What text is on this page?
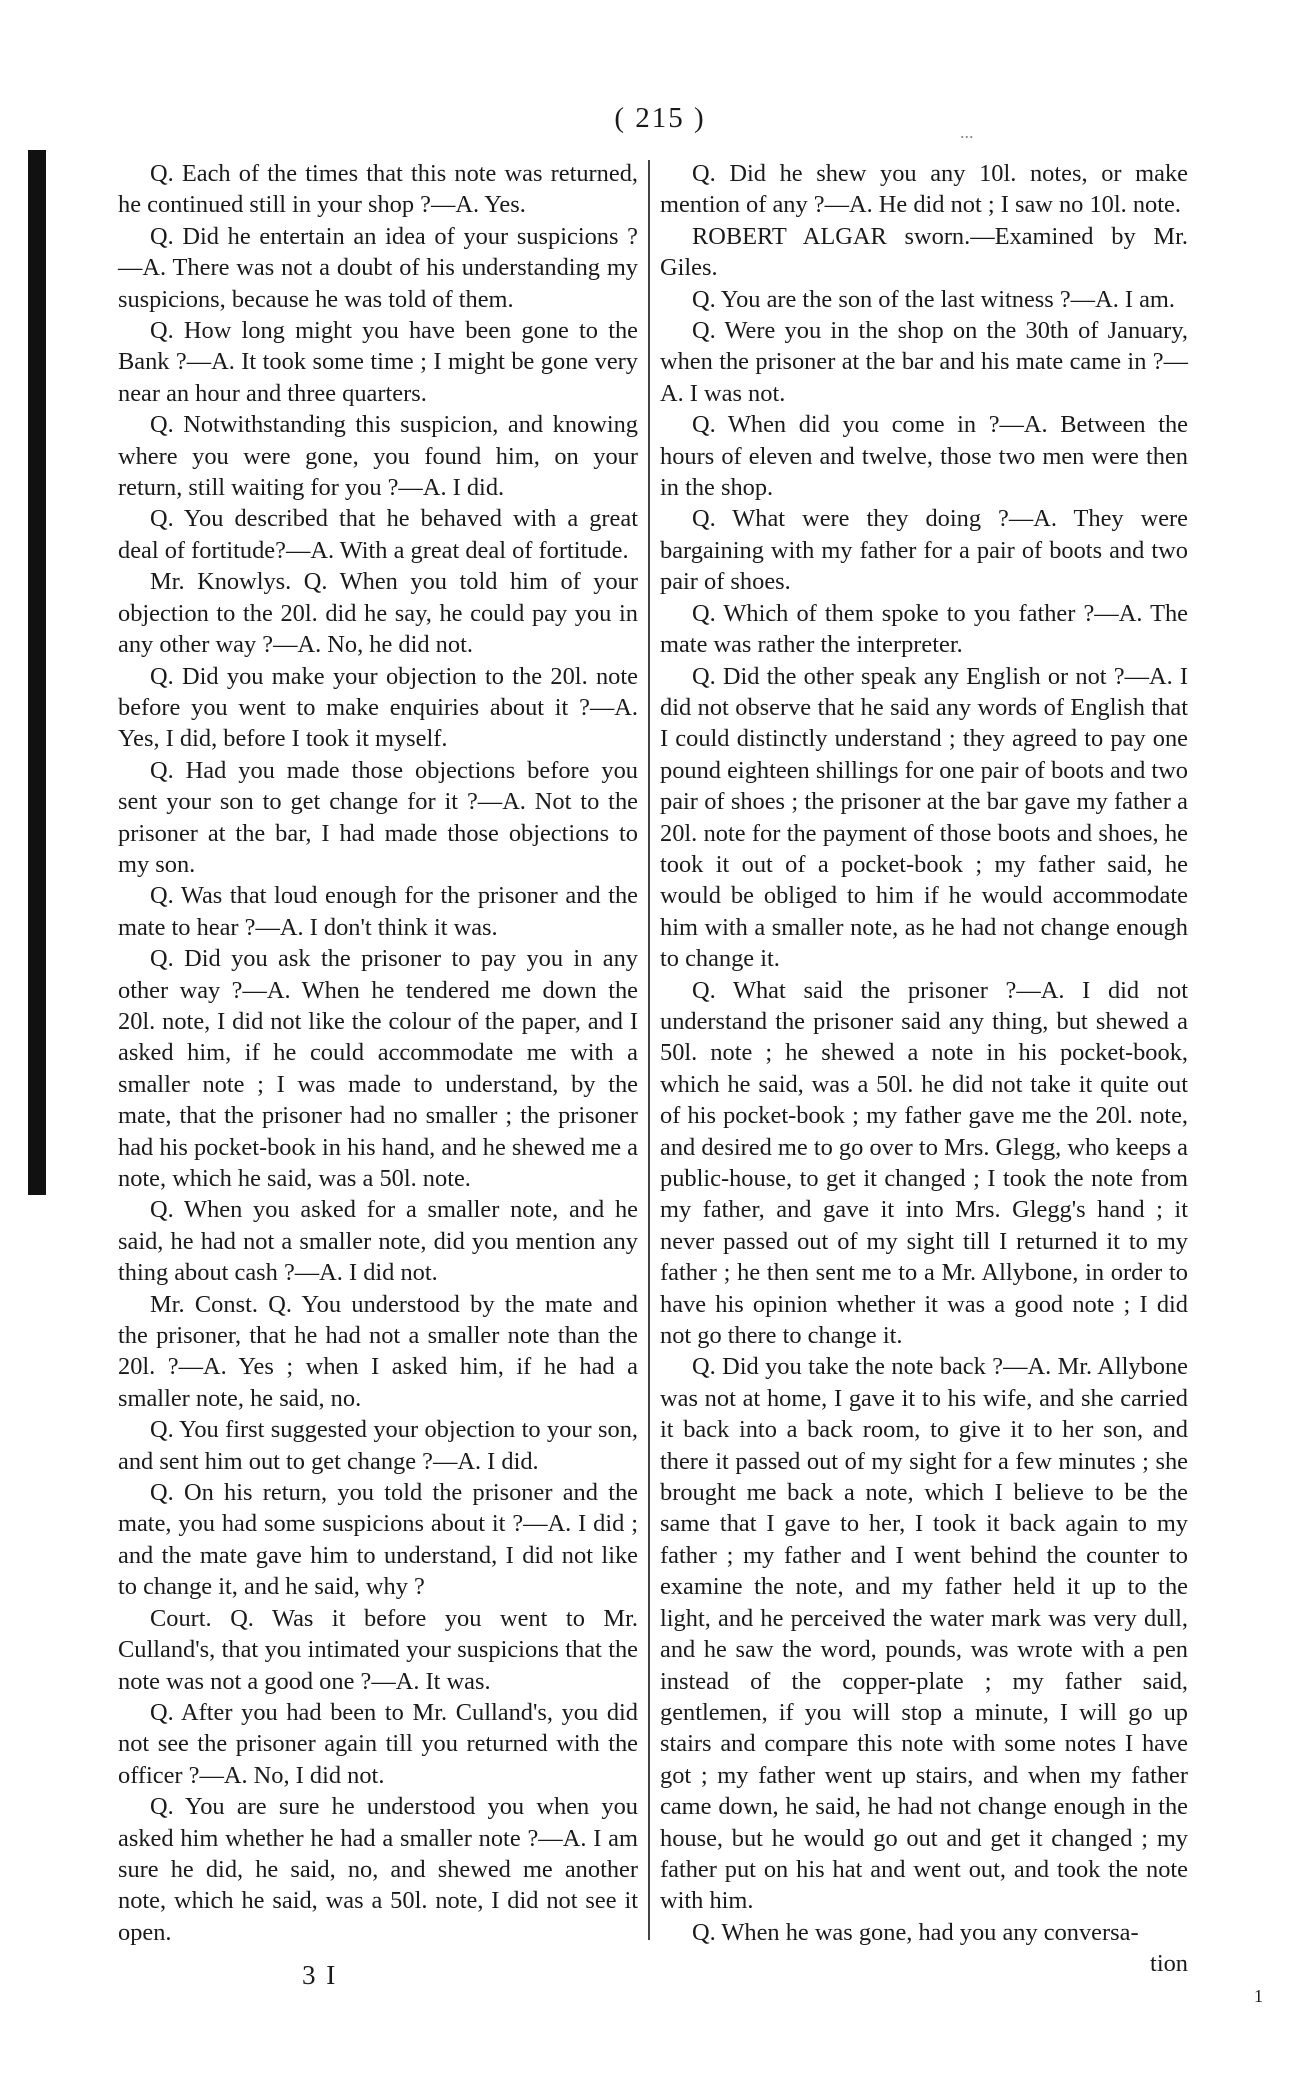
( 215 )	...

Q. Each of the times that this note was returned, he continued still in your shop ?—A. Yes.

Q. Did he entertain an idea of your suspicions ? —A. There was not a doubt of his understanding my suspicions, because he was told of them.

Q. How long might you have been gone to the Bank ?—A. It took some time ; I might be gone very near an hour and three quarters.

Q. Notwithstanding this suspicion, and knowing where you were gone, you found him, on your return, still waiting for you ?—A. I did.

Q. You described that he behaved with a great deal of fortitude?—A. With a great deal of fortitude.

Mr. Knowlys. Q. When you told him of your objection to the 20l. did he say, he could pay you in any other way ?—A. No, he did not.

Q. Did you make your objection to the 20l. note before you went to make enquiries about it ?—A. Yes, I did, before I took it myself.

Q. Had you made those objections before you sent your son to get change for it ?—A. Not to the prisoner at the bar, I had made those objections to my son.

Q. Was that loud enough for the prisoner and the mate to hear ?—A. I don't think it was.

Q. Did you ask the prisoner to pay you in any other way ?—A. When he tendered me down the 20l. note, I did not like the colour of the paper, and I asked him, if he could accommodate me with a smaller note ; I was made to understand, by the mate, that the prisoner had no smaller ; the prisoner had his pocket-book in his hand, and he shewed me a note, which he said, was a 50l. note.

Q. When you asked for a smaller note, and he said, he had not a smaller note, did you mention any thing about cash ?—A. I did not.

Mr. Const. Q. You understood by the mate and the prisoner, that he had not a smaller note than the 20l. ?—A. Yes ; when I asked him, if he had a smaller note, he said, no.

Q. You first suggested your objection to your son, and sent him out to get change ?—A. I did.

Q. On his return, you told the prisoner and the mate, you had some suspicions about it ?—A. I did ; and the mate gave him to understand, I did not like to change it, and he said, why ?

Court. Q. Was it before you went to Mr. Culland's, that you intimated your suspicions that the note was not a good one ?—A. It was.

Q. After you had been to Mr. Culland's, you did not see the prisoner again till you returned with the officer ?—A. No, I did not.

Q. You are sure he understood you when you asked him whether he had a smaller note ?—A. I am sure he did, he said, no, and shewed me another note, which he said, was a 50l. note, I did not see it open.

Q. Did he shew you any 10l. notes, or make mention of any ?—A. He did not ; I saw no 10l. note.

ROBERT ALGAR sworn.—Examined by Mr. Giles.

Q. You are the son of the last witness ?—A. I am.

Q. Were you in the shop on the 30th of January, when the prisoner at the bar and his mate came in ?—A. I was not.

Q. When did you come in ?—A. Between the hours of eleven and twelve, those two men were then in the shop.

Q. What were they doing ?—A. They were bargaining with my father for a pair of boots and two pair of shoes.

Q. Which of them spoke to you father ?—A. The mate was rather the interpreter.

Q. Did the other speak any English or not ?—A. I did not observe that he said any words of English that I could distinctly understand ; they agreed to pay one pound eighteen shillings for one pair of boots and two pair of shoes ; the prisoner at the bar gave my father a 20l. note for the payment of those boots and shoes, he took it out of a pocket-book ; my father said, he would be obliged to him if he would accommodate him with a smaller note, as he had not change enough to change it.

Q. What said the prisoner ?—A. I did not understand the prisoner said any thing, but shewed a 50l. note ; he shewed a note in his pocket-book, which he said, was a 50l. he did not take it quite out of his pocket-book ; my father gave me the 20l. note, and desired me to go over to Mrs. Glegg, who keeps a public-house, to get it changed ; I took the note from my father, and gave it into Mrs. Glegg's hand ; it never passed out of my sight till I returned it to my father ; he then sent me to a Mr. Allybone, in order to have his opinion whether it was a good note ; I did not go there to change it.

Q. Did you take the note back ?—A. Mr. Allybone was not at home, I gave it to his wife, and she carried it back into a back room, to give it to her son, and there it passed out of my sight for a few minutes ; she brought me back a note, which I believe to be the same that I gave to her, I took it back again to my father ; my father and I went behind the counter to examine the note, and my father held it up to the light, and he perceived the water mark was very dull, and he saw the word, pounds, was wrote with a pen instead of the copper-plate ; my father said, gentlemen, if you will stop a minute, I will go up stairs and compare this note with some notes I have got ; my father went up stairs, and when my father came down, he said, he had not change enough in the house, but he would go out and get it changed ; my father put on his hat and went out, and took the note with him.

Q. When he was gone, had you any conversa-

tion

3 I
1
